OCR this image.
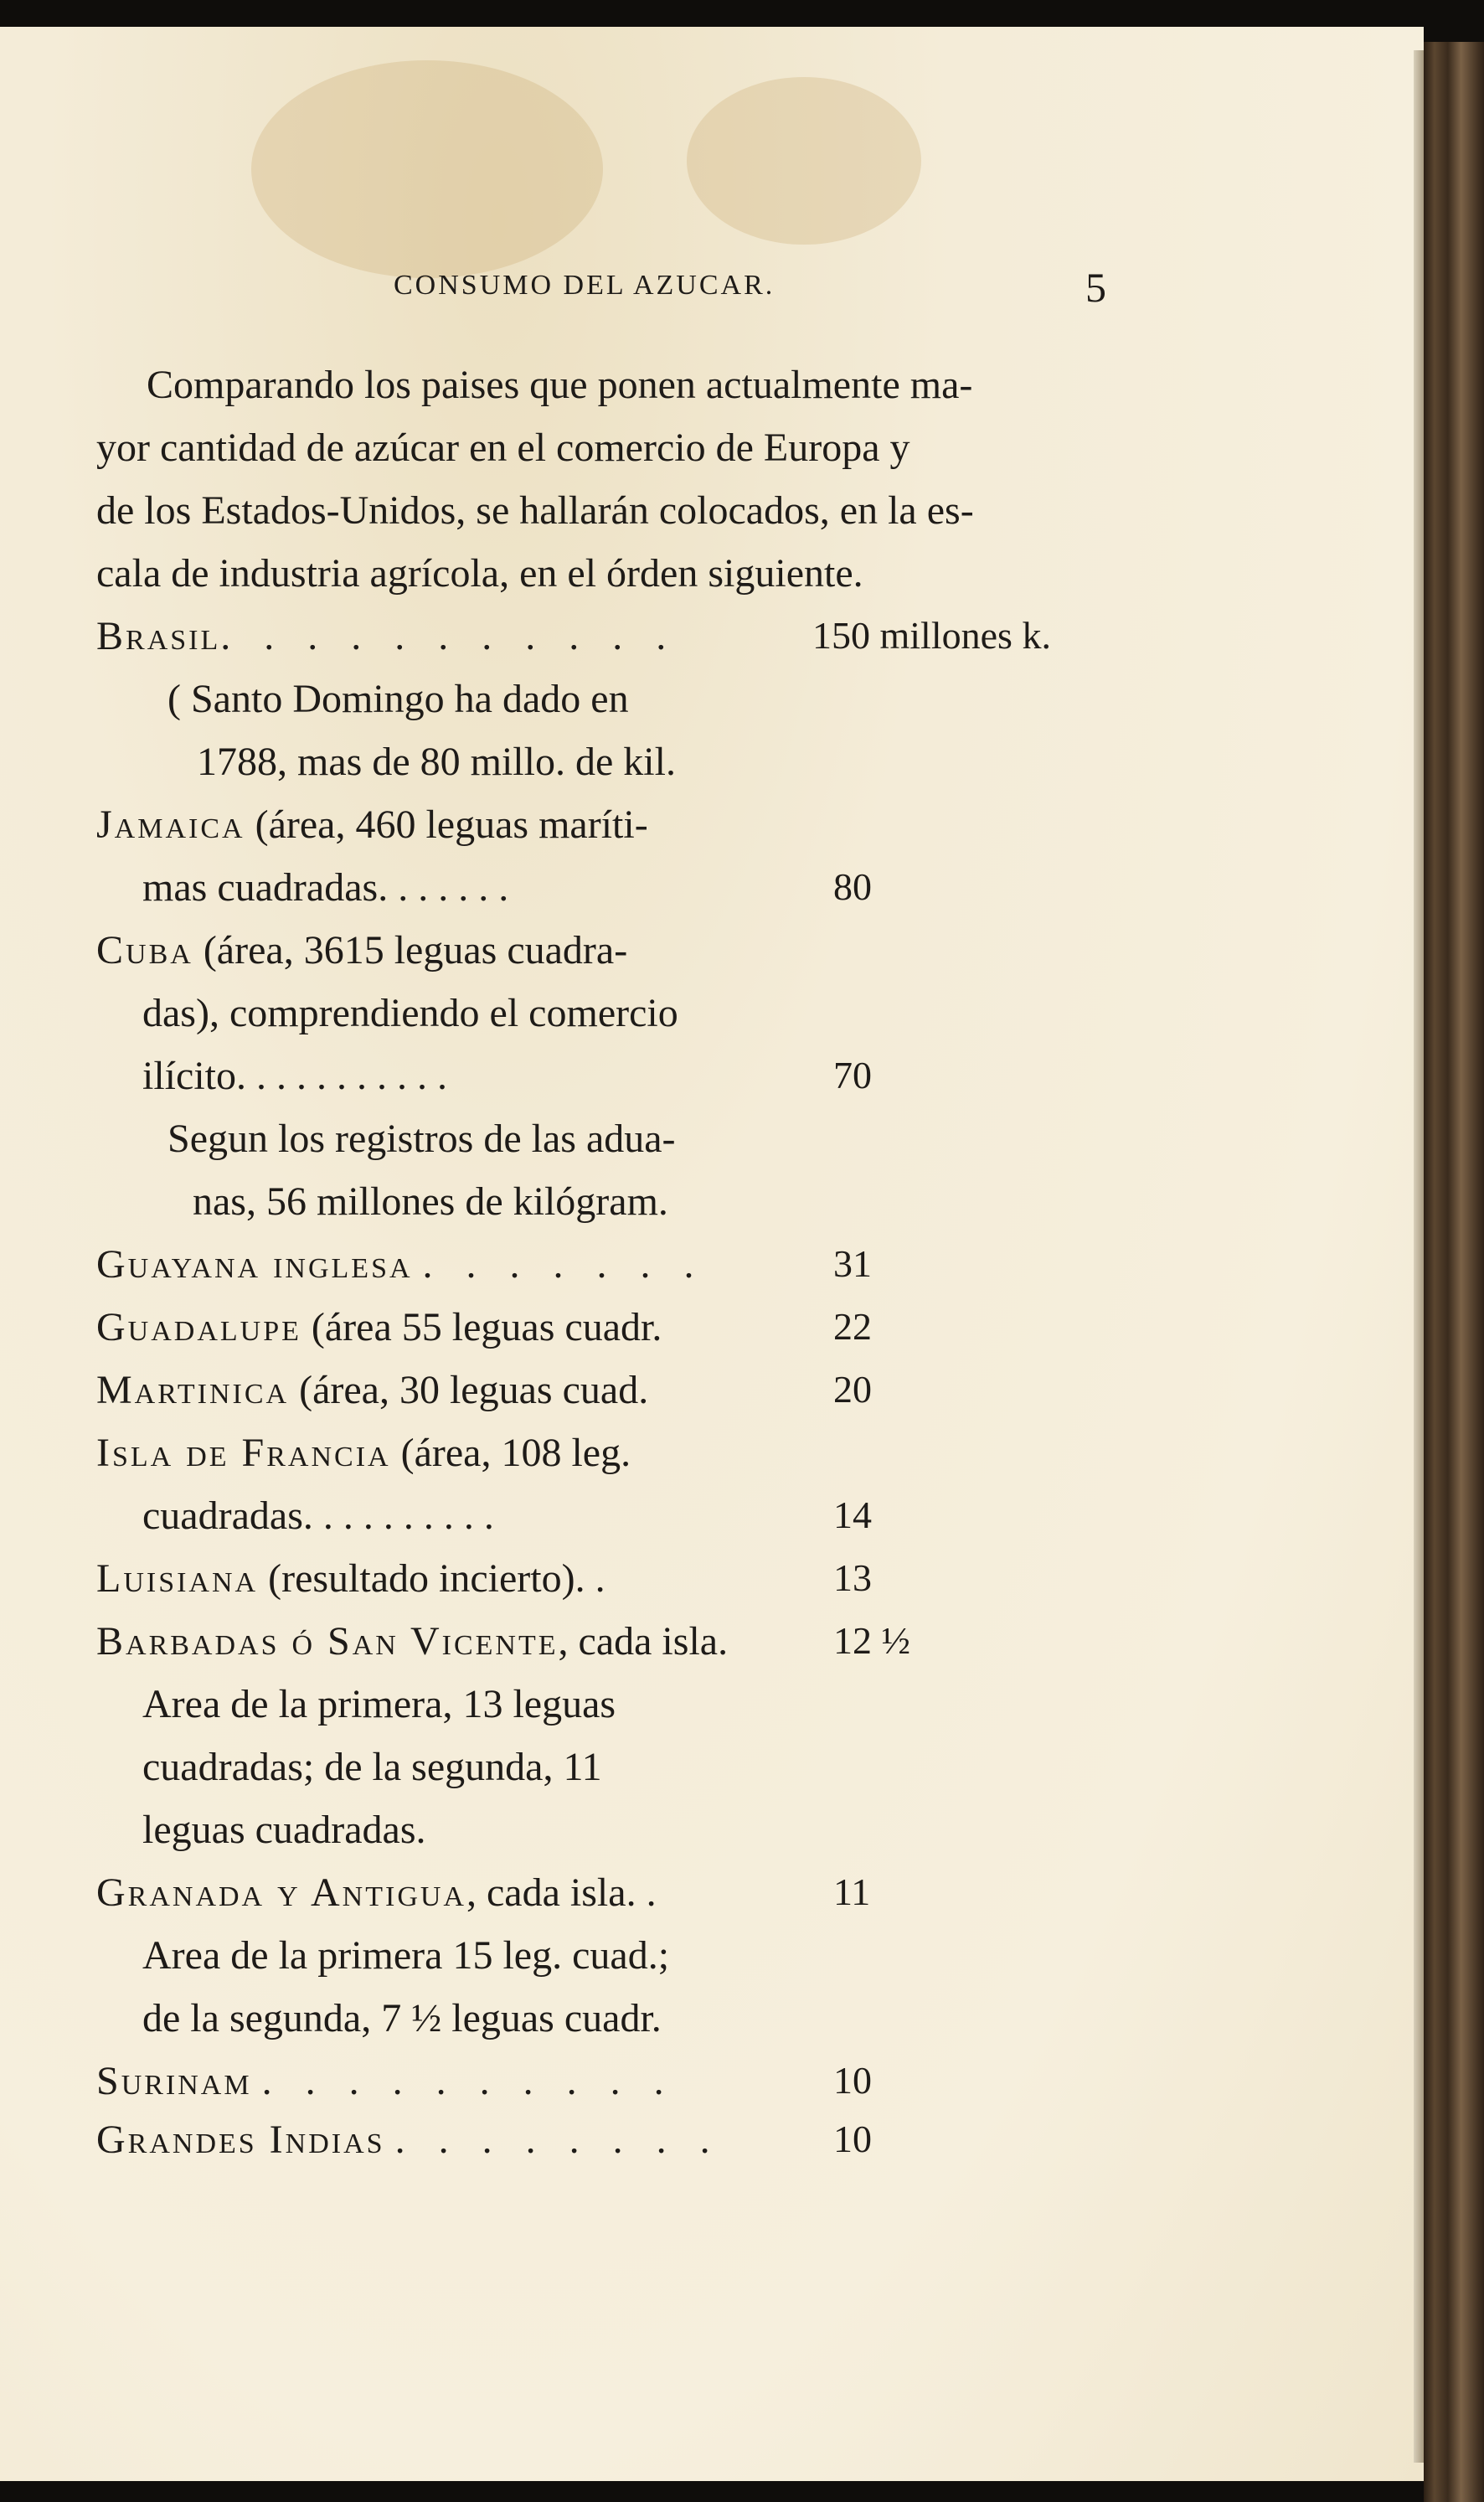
CONSUMO DEL AZUCAR.	5
Comparando los paises que ponen actualmente ma-
yor cantidad de azúcar en el comercio de Europa y
de los Estados-Unidos, se hallarán colocados, en la es-
cala de industria agrícola, en el órden siguiente.
Brasil. . . . . . . . . . .	150 millones k.
( Santo Domingo ha dado en
1788, mas de 80 millo. de kil.
Jamaica (área, 460 leguas maríti-
mas cuadradas. . . . . . .	80
Cuba (área, 3615 leguas cuadra-
das), comprendiendo el comercio
ilícito. . . . . . . . . . .	70
Segun los registros de las adua-
nas, 56 millones de kilógram.
Guayana inglesa . . . . . . .	31
Guadalupe (área 55 leguas cuadr.	22
Martinica (área, 30 leguas cuad.	20
Isla de Francia (área, 108 leg.
cuadradas. . . . . . . . . .	14
Luisiana (resultado incierto). .	13
Barbadas ó San Vicente, cada isla.	12 ½
Area de la primera, 13 leguas
cuadradas; de la segunda, 11
leguas cuadradas.
Granada y Antigua, cada isla. .	11
Area de la primera 15 leg. cuad.;
de la segunda, 7 ½ leguas cuadr.
Surinam . . . . . . . . . .	10
Grandes Indias . . . . . . . .	10
